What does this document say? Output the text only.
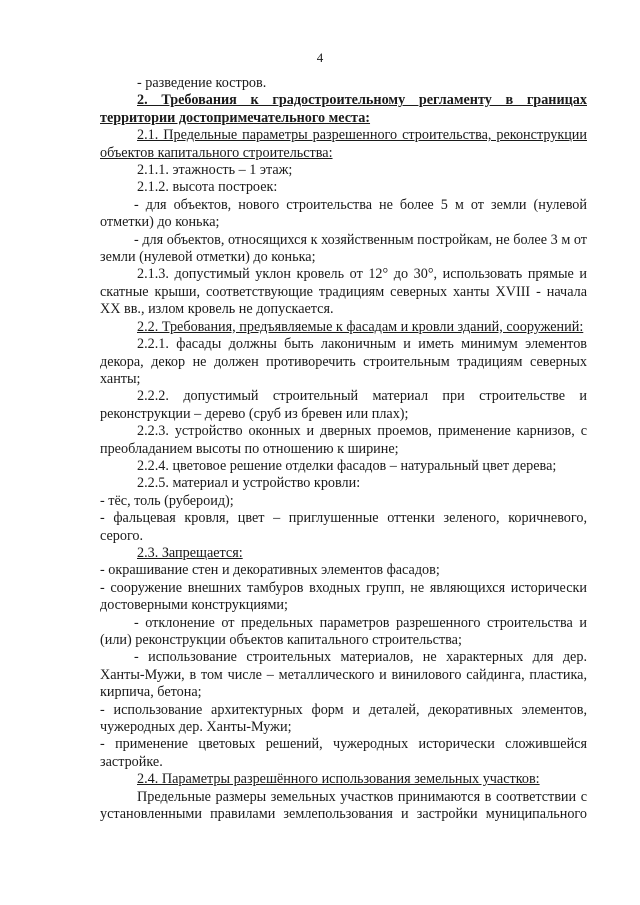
4

- разведение костров.

2. Требования к градостроительному регламенту в границах территории достопримечательного места:

2.1. Предельные параметры разрешенного строительства, реконструкции объектов капитального строительства:

2.1.1. этажность – 1 этаж;

2.1.2. высота построек:

- для объектов, нового строительства не более 5 м от земли (нулевой отметки) до конька;

- для объектов, относящихся к хозяйственным постройкам, не более 3 м от земли (нулевой отметки) до конька;

2.1.3. допустимый уклон кровель от 12° до 30°, использовать прямые и скатные крыши, соответствующие традициям северных ханты XVIII - начала XX вв., излом кровель не допускается.

2.2. Требования, предъявляемые к фасадам и кровли зданий, сооружений:

2.2.1. фасады должны быть лаконичным и иметь минимум элементов декора, декор не должен противоречить строительным традициям северных ханты;

2.2.2. допустимый строительный материал при строительстве и реконструкции – дерево (сруб из бревен или плах);

2.2.3. устройство оконных и дверных проемов, применение карнизов, с преобладанием высоты по отношению к ширине;

2.2.4. цветовое решение отделки фасадов – натуральный цвет дерева;

2.2.5. материал и устройство кровли:

- тёс, толь (рубероид);

- фальцевая кровля, цвет – приглушенные оттенки зеленого, коричневого, серого.

2.3. Запрещается:

- окрашивание стен и декоративных элементов фасадов;

- сооружение внешних тамбуров входных групп, не являющихся исторически достоверными конструкциями;

- отклонение от предельных параметров разрешенного строительства и (или) реконструкции объектов капитального строительства;

- использование строительных материалов, не характерных для дер. Ханты-Мужи, в том числе – металлического и винилового сайдинга, пластика, кирпича, бетона;

- использование архитектурных форм и деталей, декоративных элементов, чужеродных дер. Ханты-Мужи;

- применение цветовых решений, чужеродных исторически сложившейся застройке.

2.4. Параметры разрешённого использования земельных участков:

Предельные размеры земельных участков принимаются в соответствии с установленными правилами землепользования и застройки муниципального
